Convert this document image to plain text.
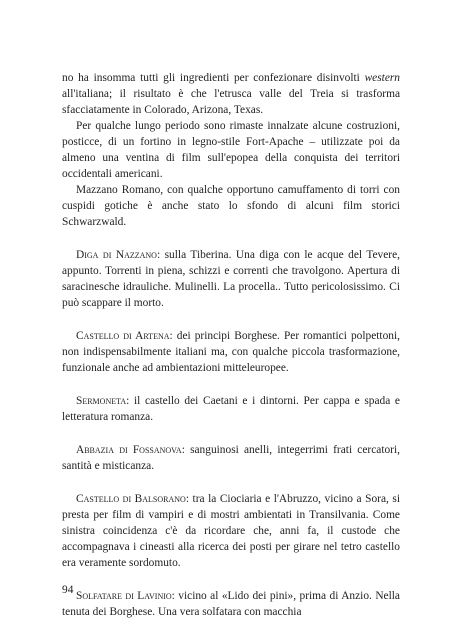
no ha insomma tutti gli ingredienti per confezionare disinvolti western all'italiana; il risultato è che l'etrusca valle del Treia si trasforma sfacciatamente in Colorado, Arizona, Texas.

Per qualche lungo periodo sono rimaste innalzate alcune costruzioni, posticce, di un fortino in legno-stile Fort-Apache – utilizzate poi da almeno una ventina di film sull'epopea della conquista dei territori occidentali americani.

Mazzano Romano, con qualche opportuno camuffamento di torri con cuspidi gotiche è anche stato lo sfondo di alcuni film storici Schwarzwald.

Diga di Nazzano: sulla Tiberina. Una diga con le acque del Tevere, appunto. Torrenti in piena, schizzi e correnti che travolgono. Apertura di saracinesche idrauliche. Mulinelli. La procella.. Tutto pericolosissimo. Ci può scappare il morto.

Castello di Artena: dei principi Borghese. Per romantici polpettoni, non indispensabilmente italiani ma, con qualche piccola trasformazione, funzionale anche ad ambientazioni mitteleuropee.

Sermoneta: il castello dei Caetani e i dintorni. Per cappa e spada e letteratura romanza.

Abbazia di Fossanova: sanguinosi anelli, integerrimi frati cercatori, santità e misticanza.

Castello di Balsorano: tra la Ciociaria e l'Abruzzo, vicino a Sora, si presta per film di vampiri e di mostri ambientati in Transilvania. Come sinistra coincidenza c'è da ricordare che, anni fa, il custode che accompagnava i cineasti alla ricerca dei posti per girare nel tetro castello era veramente sordomuto.

Solfatare di Lavinio: vicino al «Lido dei pini», prima di Anzio. Nella tenuta dei Borghese. Una vera solfatara con macchia

94
